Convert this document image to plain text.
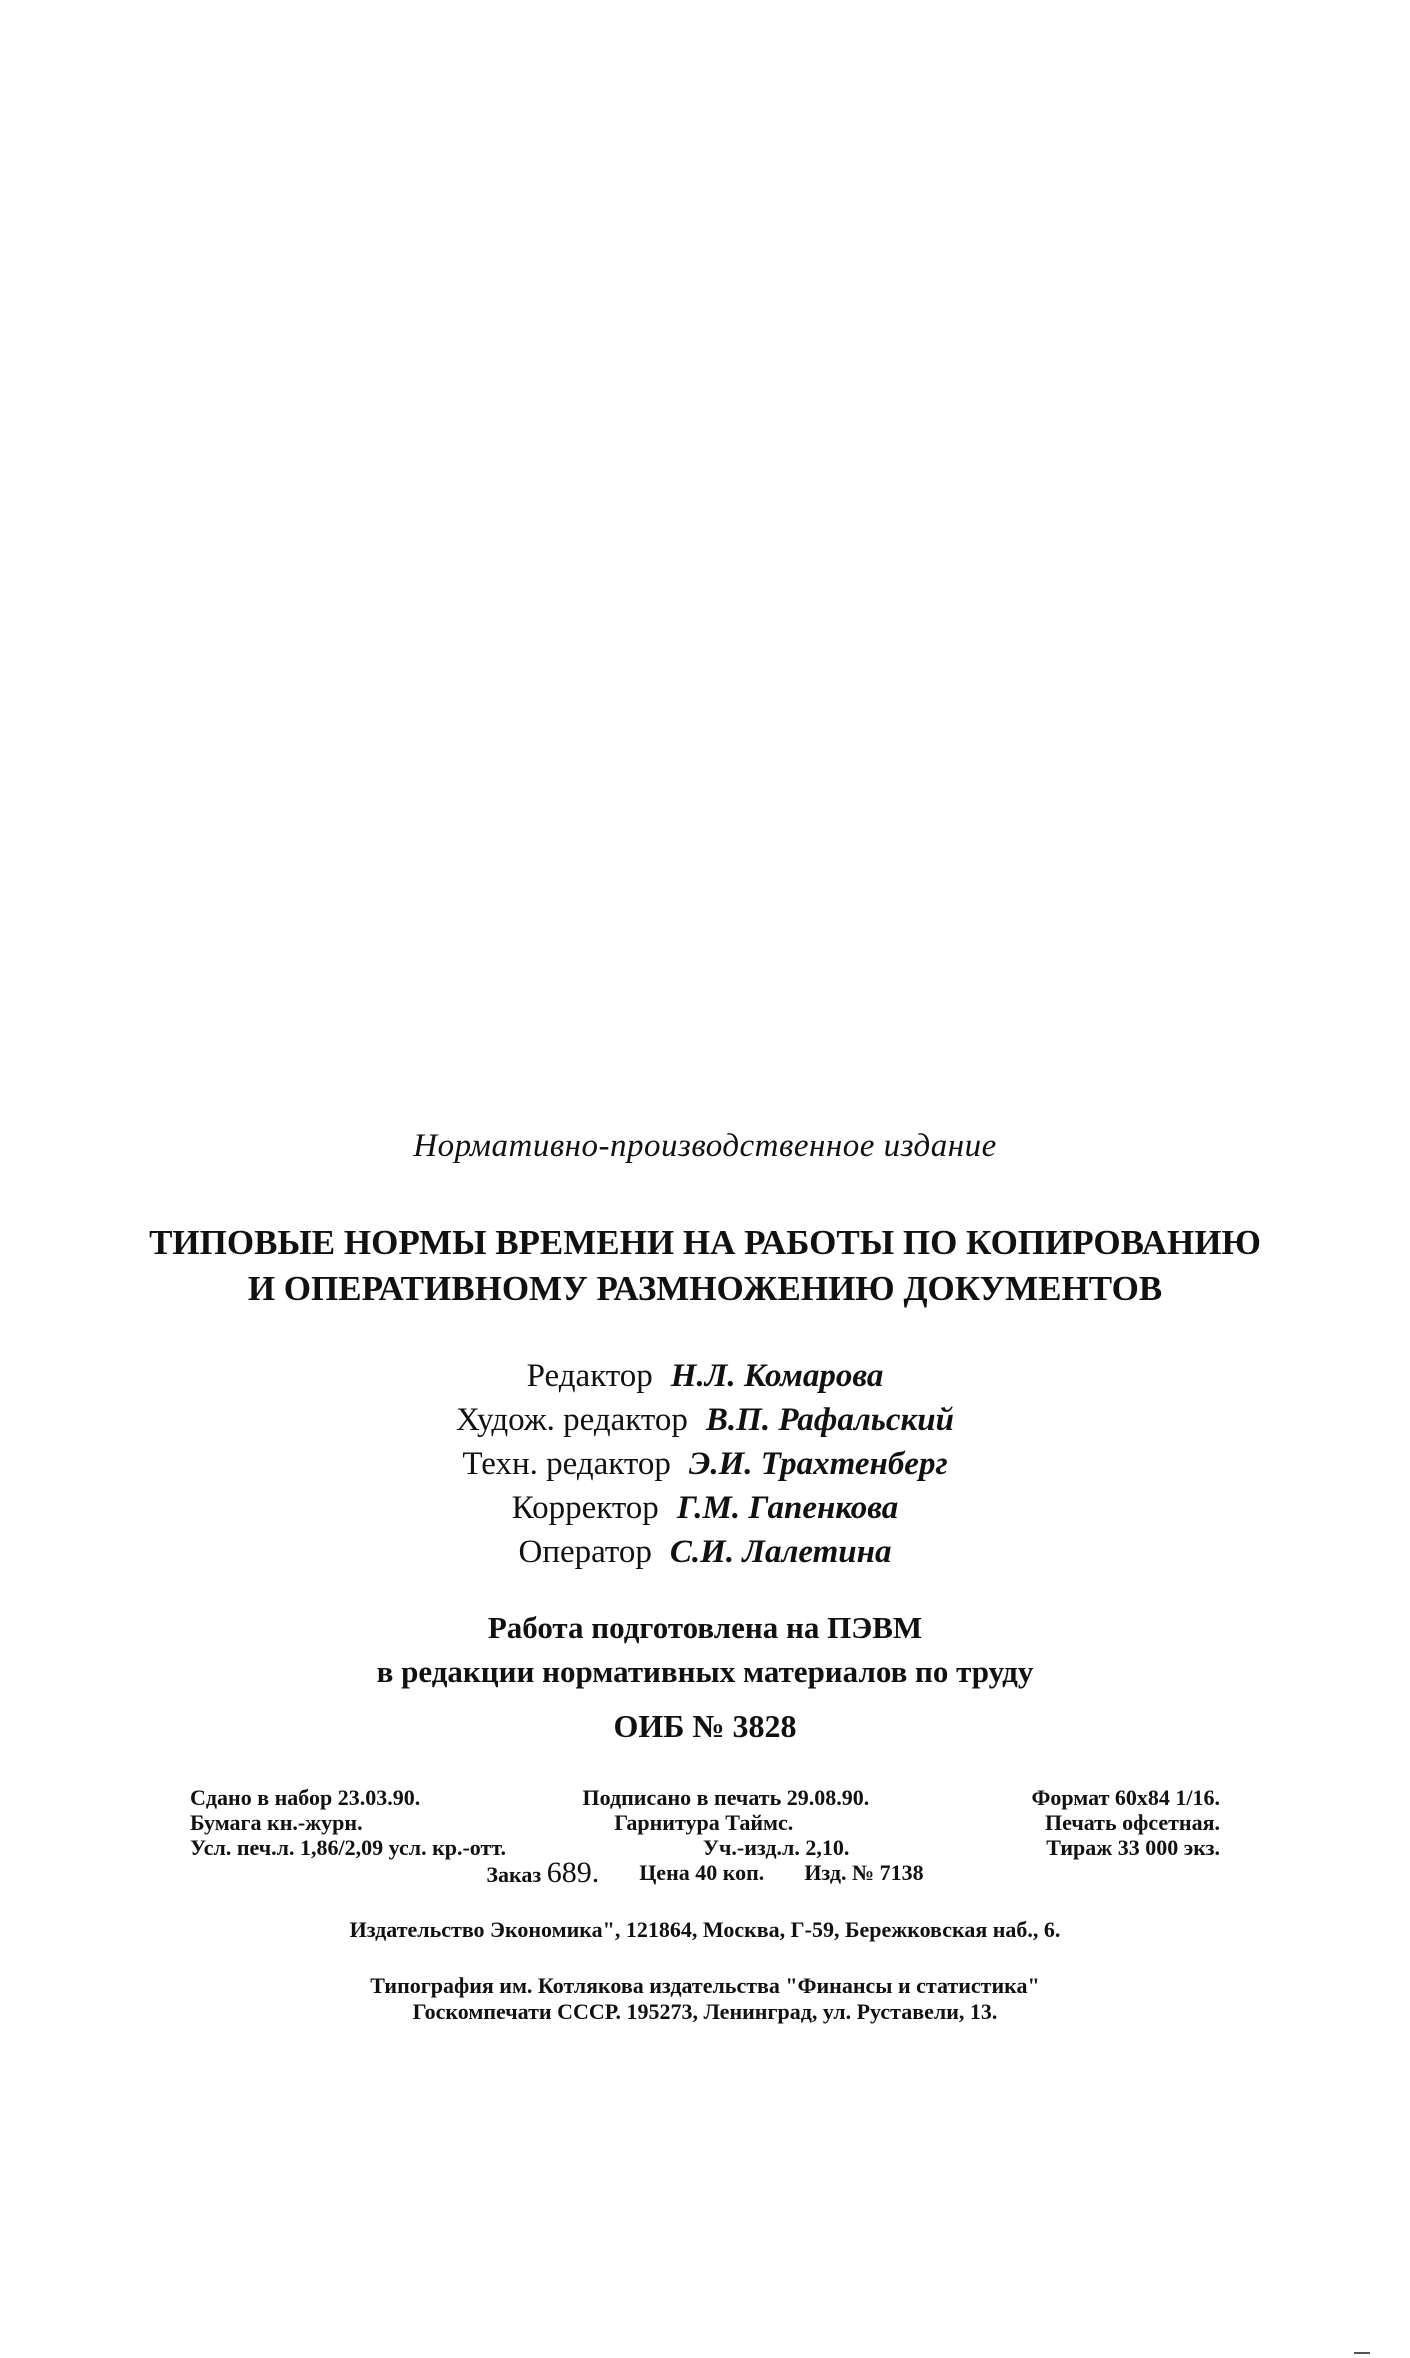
Нормативно-производственное издание

ТИПОВЫЕ НОРМЫ ВРЕМЕНИ НА РАБОТЫ ПО КОПИРОВАНИЮ
И ОПЕРАТИВНОМУ РАЗМНОЖЕНИЮ ДОКУМЕНТОВ
Редактор Н.Л. Комарова
Худож. редактор В.П. Рафальский
Техн. редактор Э.И. Трахтенберг
Корректор Г.М. Гапенкова
Оператор С.И. Лалетина
Работа подготовлена на ПЭВМ
в редакции нормативных материалов по труду
ОИБ № 3828
Сдано в набор 23.03.90.	Подписано в печать 29.08.90.	Формат 60x84 1/16.
Бумага кн.-журн.	Гарнитура Таймс.	Печать офсетная.
Усл. печ.л. 1,86/2,09 усл. кр.-отт.	Уч.-изд.л. 2,10.	Тираж 33 000 экз.
Заказ 689. Цена 40 коп. Изд. № 7138
Издательство Экономика", 121864, Москва, Г-59, Бережковская наб., 6.
Типография им. Котлякова издательства "Финансы и статистика"
Госкомпечати СССР. 195273, Ленинград, ул. Руставели, 13.
